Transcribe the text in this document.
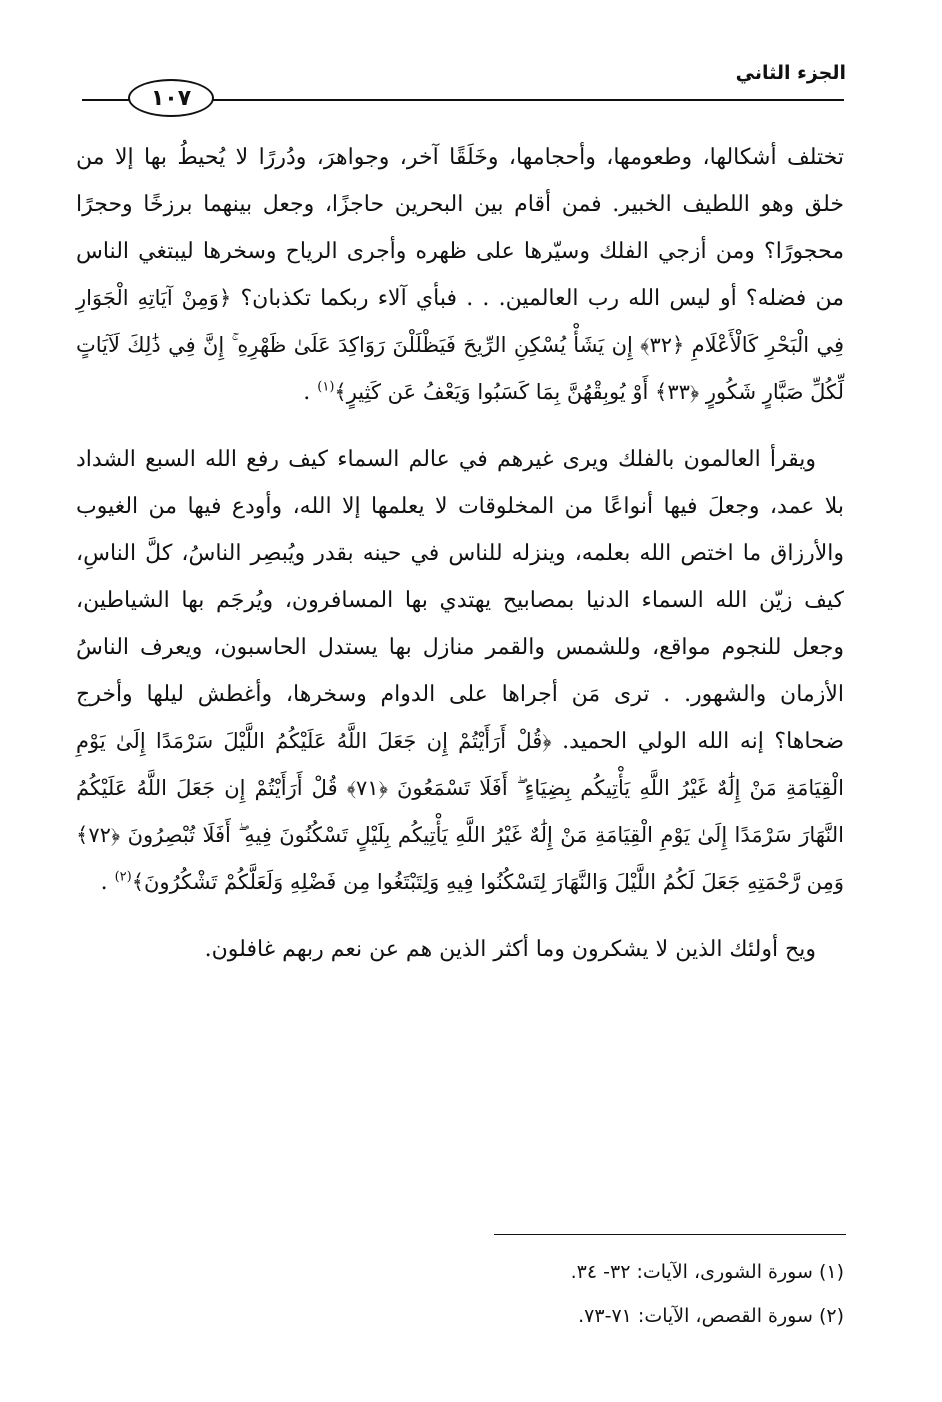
الجزء الثاني
١٠٧

تختلف أشكالها، وطعومها، وأحجامها، وخَلَقًا آخر، وجواهرَ، ودُررًا لا يُحيطُ بها إلا من خلق وهو اللطيف الخبير. فمن أقام بين البحرين حاجزًا، وجعل بينهما برزخًا وحجرًا محجورًا؟ ومن أزجي الفلك وسيّرها على ظهره وأجرى الرياح وسخرها ليبتغي الناس من فضله؟ أو ليس الله رب العالمين. . . فبأي آلاء ربكما تكذبان؟ ﴿وَمِنْ آيَاتِهِ الْجَوَارِ فِي الْبَحْرِ كَالْأَعْلَامِ ﴿٣٢﴾ إِن يَشَأْ يُسْكِنِ الرِّيحَ فَيَظْلَلْنَ رَوَاكِدَ عَلَىٰ ظَهْرِهِ ۚ إِنَّ فِي ذَٰلِكَ لَآيَاتٍ لِّكُلِّ صَبَّارٍ شَكُورٍ ﴿٣٣﴾ أَوْ يُوبِقْهُنَّ بِمَا كَسَبُوا وَيَعْفُ عَن كَثِيرٍ﴾$^{(١)}$ .

ويقرأ العالمون بالفلك ويرى غيرهم في عالم السماء كيف رفع الله السبع الشداد بلا عمد، وجعلَ فيها أنواعًا من المخلوقات لا يعلمها إلا الله، وأودع فيها من الغيوب والأرزاق ما اختص الله بعلمه، وينزله للناس في حينه بقدر ويُبصِر الناسُ، كلَّ الناسِ، كيف زيّن الله السماء الدنيا بمصابيح يهتدي بها المسافرون، ويُرجَم بها الشياطين، وجعل للنجوم مواقع، وللشمس والقمر منازل بها يستدل الحاسبون، ويعرف الناسُ الأزمان والشهور. . ترى مَن أجراها على الدوام وسخرها، وأغطش ليلها وأخرج ضحاها؟ إنه الله الولي الحميد. ﴿قُلْ أَرَأَيْتُمْ إِن جَعَلَ اللَّهُ عَلَيْكُمُ اللَّيْلَ سَرْمَدًا إِلَىٰ يَوْمِ الْقِيَامَةِ مَنْ إِلَٰهٌ غَيْرُ اللَّهِ يَأْتِيكُم بِضِيَاءٍ ۖ أَفَلَا تَسْمَعُونَ ﴿٧١﴾ قُلْ أَرَأَيْتُمْ إِن جَعَلَ اللَّهُ عَلَيْكُمُ النَّهَارَ سَرْمَدًا إِلَىٰ يَوْمِ الْقِيَامَةِ مَنْ إِلَٰهٌ غَيْرُ اللَّهِ يَأْتِيكُم بِلَيْلٍ تَسْكُنُونَ فِيهِ ۖ أَفَلَا تُبْصِرُونَ ﴿٧٢﴾ وَمِن رَّحْمَتِهِ جَعَلَ لَكُمُ اللَّيْلَ وَالنَّهَارَ لِتَسْكُنُوا فِيهِ وَلِتَبْتَغُوا مِن فَضْلِهِ وَلَعَلَّكُمْ تَشْكُرُونَ﴾$^{(٢)}$ .

ويح أولئك الذين لا يشكرون وما أكثر الذين هم عن نعم ربهم غافلون.

(١) سورة الشورى، الآيات: ٣٢- ٣٤.

(٢) سورة القصص، الآيات: ٧١-٧٣.
